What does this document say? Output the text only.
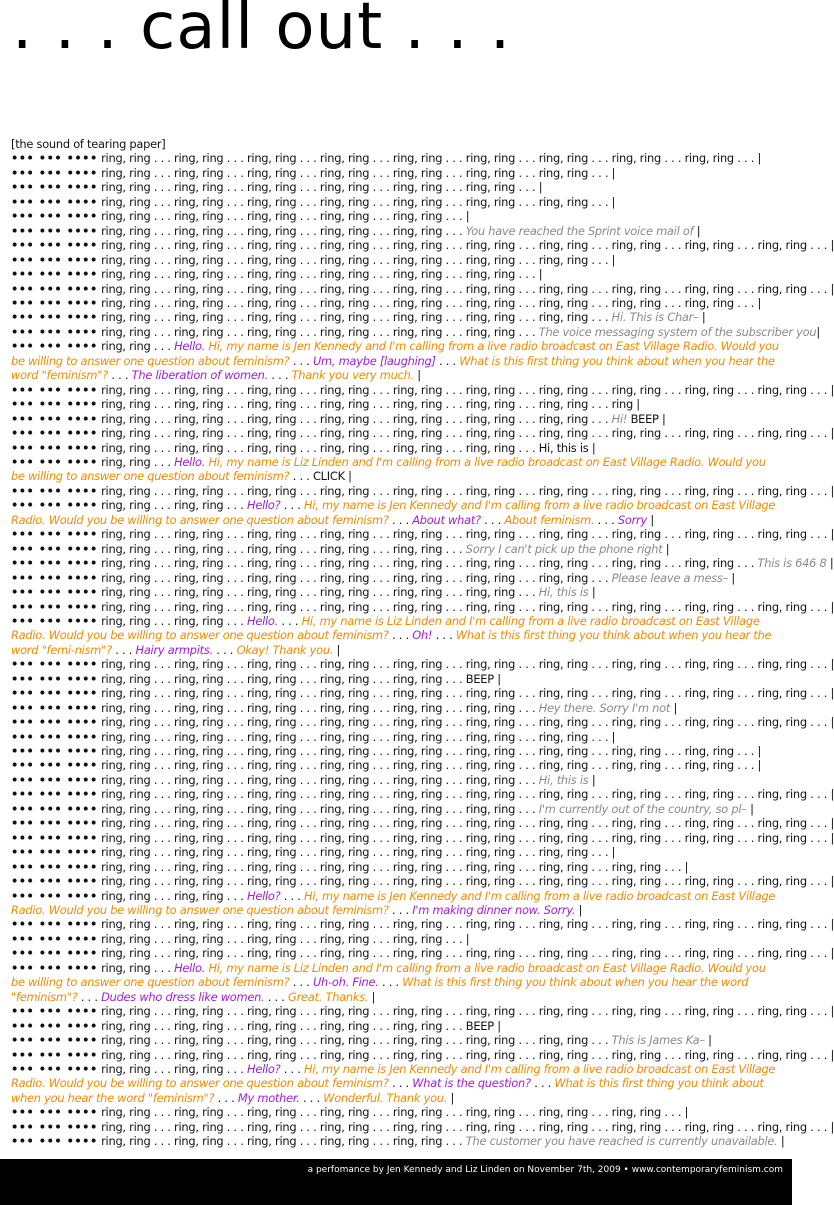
. . . call out . . .
[the sound of tearing paper]
••• ••• •••• ring, ring . . . ring, ring . . . ring, ring . . . ring, ring . . . ring, ring . . . ring, ring . . . ring, ring . . . ring, ring . . . ring, ring . . . |
••• ••• •••• ring, ring . . . ring, ring . . . ring, ring . . . ring, ring . . . ring, ring . . . ring, ring . . . ring, ring . . . |
••• ••• •••• ring, ring . . . ring, ring . . . ring, ring . . . ring, ring . . . ring, ring . . . ring, ring . . . |
••• ••• •••• ring, ring . . . ring, ring . . . ring, ring . . . ring, ring . . . ring, ring . . . ring, ring . . . ring, ring . . . |
••• ••• •••• ring, ring . . . ring, ring . . . ring, ring . . . ring, ring . . . ring, ring . . . |
••• ••• •••• ring, ring . . . ring, ring . . . ring, ring . . . ring, ring . . . ring, ring . . . You have reached the Sprint voice mail of |
••• ••• •••• ring, ring . . . ring, ring . . . ring, ring . . . ring, ring . . . ring, ring . . . ring, ring . . . ring, ring . . . ring, ring . . . ring, ring . . . ring, ring . . . |
••• ••• •••• ring, ring . . . ring, ring . . . ring, ring . . . ring, ring . . . ring, ring . . . ring, ring . . . ring, ring . . . |
••• ••• •••• ring, ring . . . ring, ring . . . ring, ring . . . ring, ring . . . ring, ring . . . ring, ring . . . |
••• ••• •••• ring, ring . . . ring, ring . . . ring, ring . . . ring, ring . . . ring, ring . . . ring, ring . . . ring, ring . . . ring, ring . . . ring, ring . . . ring, ring . . . |
••• ••• •••• ring, ring . . . ring, ring . . . ring, ring . . . ring, ring . . . ring, ring . . . ring, ring . . . ring, ring . . . ring, ring . . . ring, ring . . . |
••• ••• •••• ring, ring . . . ring, ring . . . ring, ring . . . ring, ring . . . ring, ring . . . ring, ring . . . ring, ring . . . Hi. This is Char– |
••• ••• •••• ring, ring . . . ring, ring . . . ring, ring . . . ring, ring . . . ring, ring . . . ring, ring . . . The voice messaging system of the subscriber you|
••• ••• •••• ring, ring . . . Hello. Hi, my name is Jen Kennedy and I'm calling from a live radio broadcast on East Village Radio. Would you be willing to answer one question about feminism? . . . Um, maybe [laughing] . . . What is this first thing you think about when you hear the word "feminism"? . . . The liberation of women. . . . Thank you very much. |
••• ••• •••• ring, ring . . . ring, ring . . . ring, ring . . . ring, ring . . . ring, ring . . . ring, ring . . . ring, ring . . . ring, ring . . . ring, ring . . . ring, ring . . . |
••• ••• •••• ring, ring . . . ring, ring . . . ring, ring . . . ring, ring . . . ring, ring . . . ring, ring . . . ring, ring . . . ring |
••• ••• •••• ring, ring . . . ring, ring . . . ring, ring . . . ring, ring . . . ring, ring . . . ring, ring . . . ring, ring . . . Hi! BEEP |
••• ••• •••• ring, ring . . . ring, ring . . . ring, ring . . . ring, ring . . . ring, ring . . . ring, ring . . . ring, ring . . . ring, ring . . . ring, ring . . . ring, ring . . . |
••• ••• •••• ring, ring . . . ring, ring . . . ring, ring . . . ring, ring . . . ring, ring . . . ring, ring . . . Hi, this is |
••• ••• •••• ring, ring . . . Hello. Hi, my name is Liz Linden and I'm calling from a live radio broadcast on East Village Radio. Would you be willing to answer one question about feminism? . . . CLICK |
••• ••• •••• ring, ring . . . ring, ring . . . ring, ring . . . ring, ring . . . ring, ring . . . ring, ring . . . ring, ring . . . ring, ring . . . ring, ring . . . ring, ring . . . |
••• ••• •••• ring, ring . . . ring, ring . . . Hello? . . . Hi, my name is Jen Kennedy and I'm calling from a live radio broadcast on East Village Radio. Would you be willing to answer one question about feminism? . . . About what? . . . About feminism. . . . Sorry |
••• ••• •••• ring, ring . . . ring, ring . . . ring, ring . . . ring, ring . . . ring, ring . . . ring, ring . . . ring, ring . . . ring, ring . . . ring, ring . . . ring, ring . . . |
••• ••• •••• ring, ring . . . ring, ring . . . ring, ring . . . ring, ring . . . ring, ring . . . Sorry I can't pick up the phone right |
••• ••• •••• ring, ring . . . ring, ring . . . ring, ring . . . ring, ring . . . ring, ring . . . ring, ring . . . ring, ring . . . ring, ring . . . ring, ring . . . This is 646 8 |
••• ••• •••• ring, ring . . . ring, ring . . . ring, ring . . . ring, ring . . . ring, ring . . . ring, ring . . . ring, ring . . . Please leave a mess– |
••• ••• •••• ring, ring . . . ring, ring . . . ring, ring . . . ring, ring . . . ring, ring . . . ring, ring . . . Hi, this is |
••• ••• •••• ring, ring . . . ring, ring . . . ring, ring . . . ring, ring . . . ring, ring . . . ring, ring . . . ring, ring . . . ring, ring . . . ring, ring . . . ring, ring . . . |
••• ••• •••• ring, ring . . . ring, ring . . . Hello. . . . Hi, my name is Liz Linden and I'm calling from a live radio broadcast on East Village Radio. Would you be willing to answer one question about feminism? . . . Oh! . . . What is this first thing you think about when you hear the word "femi-nism"? . . . Hairy armpits. . . . Okay! Thank you. |
••• ••• •••• ring, ring . . . ring, ring . . . ring, ring . . . ring, ring . . . ring, ring . . . ring, ring . . . ring, ring . . . ring, ring . . . ring, ring . . . ring, ring . . . |
••• ••• •••• ring, ring . . . ring, ring . . . ring, ring . . . ring, ring . . . ring, ring . . . BEEP |
••• ••• •••• ring, ring . . . ring, ring . . . ring, ring . . . ring, ring . . . ring, ring . . . ring, ring . . . ring, ring . . . ring, ring . . . ring, ring . . . ring, ring . . . |
••• ••• •••• ring, ring . . . ring, ring . . . ring, ring . . . ring, ring . . . ring, ring . . . ring, ring . . . Hey there. Sorry I'm not |
••• ••• •••• ring, ring . . . ring, ring . . . ring, ring . . . ring, ring . . . ring, ring . . . ring, ring . . . ring, ring . . . ring, ring . . . ring, ring . . . ring, ring . . . |
••• ••• •••• ring, ring . . . ring, ring . . . ring, ring . . . ring, ring . . . ring, ring . . . ring, ring . . . ring, ring . . . |
••• ••• •••• ring, ring . . . ring, ring . . . ring, ring . . . ring, ring . . . ring, ring . . . ring, ring . . . ring, ring . . . ring, ring . . . ring, ring . . . |
••• ••• •••• ring, ring . . . ring, ring . . . ring, ring . . . ring, ring . . . ring, ring . . . ring, ring . . . ring, ring . . . ring, ring . . . ring, ring . . . |
••• ••• •••• ring, ring . . . ring, ring . . . ring, ring . . . ring, ring . . . ring, ring . . . ring, ring . . . Hi, this is |
••• ••• •••• ring, ring . . . ring, ring . . . ring, ring . . . ring, ring . . . ring, ring . . . ring, ring . . . ring, ring . . . ring, ring . . . ring, ring . . . ring, ring . . . |
••• ••• •••• ring, ring . . . ring, ring . . . ring, ring . . . ring, ring . . . ring, ring . . . ring, ring . . . I'm currently out of the country, so pl– |
••• ••• •••• ring, ring . . . ring, ring . . . ring, ring . . . ring, ring . . . ring, ring . . . ring, ring . . . ring, ring . . . ring, ring . . . ring, ring . . . ring, ring . . . |
••• ••• •••• ring, ring . . . ring, ring . . . ring, ring . . . ring, ring . . . ring, ring . . . ring, ring . . . ring, ring . . . ring, ring . . . ring, ring . . . ring, ring . . . |
••• ••• •••• ring, ring . . . ring, ring . . . ring, ring . . . ring, ring . . . ring, ring . . . ring, ring . . . ring, ring . . . |
••• ••• •••• ring, ring . . . ring, ring . . . ring, ring . . . ring, ring . . . ring, ring . . . ring, ring . . . ring, ring . . . ring, ring . . . |
••• ••• •••• ring, ring . . . ring, ring . . . ring, ring . . . ring, ring . . . ring, ring . . . ring, ring . . . ring, ring . . . ring, ring . . . ring, ring . . . ring, ring . . . |
••• ••• •••• ring, ring . . . ring, ring . . . Hello? . . . Hi, my name is Jen Kennedy and I'm calling from a live radio broadcast on East Village Radio. Would you be willing to answer one question about feminism? . . . I'm making dinner now. Sorry. |
••• ••• •••• ring, ring . . . ring, ring . . . ring, ring . . . ring, ring . . . ring, ring . . . ring, ring . . . ring, ring . . . ring, ring . . . ring, ring . . . ring, ring . . . |
••• ••• •••• ring, ring . . . ring, ring . . . ring, ring . . . ring, ring . . . ring, ring . . . |
••• ••• •••• ring, ring . . . ring, ring . . . ring, ring . . . ring, ring . . . ring, ring . . . ring, ring . . . ring, ring . . . ring, ring . . . ring, ring . . . ring, ring . . . |
••• ••• •••• ring, ring . . . Hello. Hi, my name is Liz Linden and I'm calling from a live radio broadcast on East Village Radio. Would you be willing to answer one question about feminism? . . . Uh-oh. Fine. . . . What is this first thing you think about when you hear the word "feminism"? . . . Dudes who dress like women. . . . Great. Thanks. |
••• ••• •••• ring, ring . . . ring, ring . . . ring, ring . . . ring, ring . . . ring, ring . . . ring, ring . . . ring, ring . . . ring, ring . . . ring, ring . . . ring, ring . . . |
••• ••• •••• ring, ring . . . ring, ring . . . ring, ring . . . ring, ring . . . ring, ring . . . BEEP |
••• ••• •••• ring, ring . . . ring, ring . . . ring, ring . . . ring, ring . . . ring, ring . . . ring, ring . . . ring, ring . . . This is James Ka– |
••• ••• •••• ring, ring . . . ring, ring . . . ring, ring . . . ring, ring . . . ring, ring . . . ring, ring . . . ring, ring . . . ring, ring . . . ring, ring . . . ring, ring . . . |
••• ••• •••• ring, ring . . . ring, ring . . . Hello? . . . Hi, my name is Jen Kennedy and I'm calling from a live radio broadcast on East Village Radio. Would you be willing to answer one question about feminism? . . . What is the question? . . . What is this first thing you think about when you hear the word "feminism"? . . . My mother. . . . Wonderful. Thank you. |
••• ••• •••• ring, ring . . . ring, ring . . . ring, ring . . . ring, ring . . . ring, ring . . . ring, ring . . . ring, ring . . . ring, ring . . . |
••• ••• •••• ring, ring . . . ring, ring . . . ring, ring . . . ring, ring . . . ring, ring . . . ring, ring . . . ring, ring . . . ring, ring . . . ring, ring . . . ring, ring . . . |
••• ••• •••• ring, ring . . . ring, ring . . . ring, ring . . . ring, ring . . . ring, ring . . . The customer you have reached is currently unavailable. |
a perfomance by Jen Kennedy and Liz Linden on November 7th, 2009 • www.contemporaryfeminism.com
